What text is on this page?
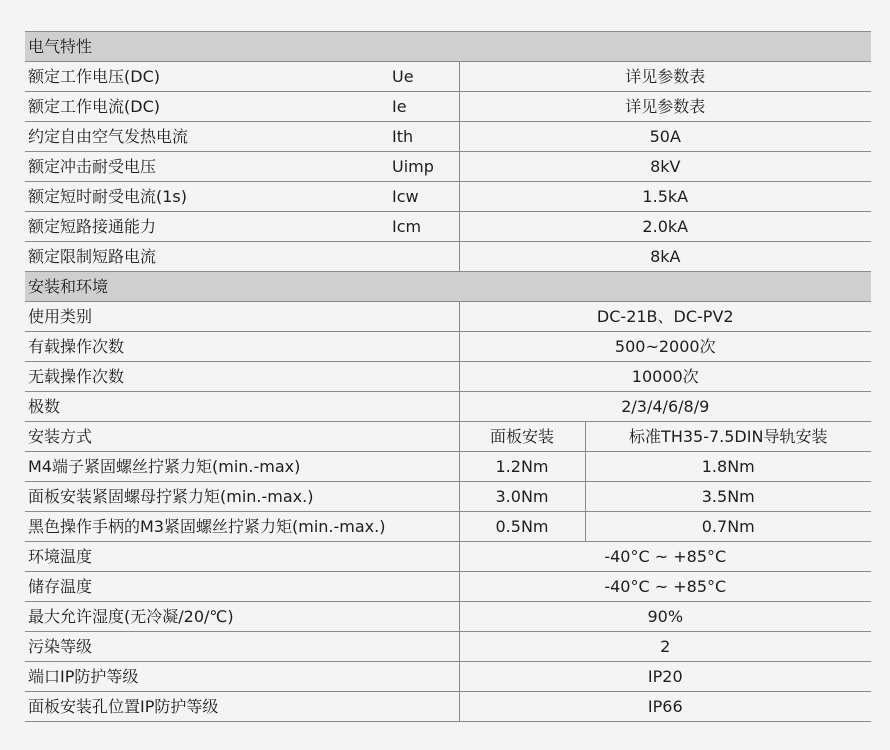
电气特性			
额定工作电压(DC)	Ue	详见参数表	
额定工作电流(DC)	Ie	详见参数表	
约定自由空气发热电流	Ith	50A	
额定冲击耐受电压	Uimp	8kV	
额定短时耐受电流(1s)	Icw	1.5kA	
额定短路接通能力	Icm	2.0kA	
额定限制短路电流		8kA	
安装和环境			
使用类别		DC-21B、DC-PV2	
有载操作次数		500~2000次	
无载操作次数		10000次	
极数		2/3/4/6/8/9	
安装方式		面板安装	标准TH35-7.5DIN导轨安装
M4端子紧固螺丝拧紧力矩(min.-max)		1.2Nm	1.8Nm
面板安装紧固螺母拧紧力矩(min.-max.)		3.0Nm	3.5Nm
黑色操作手柄的M3紧固螺丝拧紧力矩(min.-max.)		0.5Nm	0.7Nm
环境温度		-40°C ~ +85°C	
储存温度		-40°C ~ +85°C	
最大允许湿度(无冷凝/20/℃)		90%	
污染等级		2	
端口IP防护等级		IP20	
面板安装孔位置IP防护等级		IP66	
